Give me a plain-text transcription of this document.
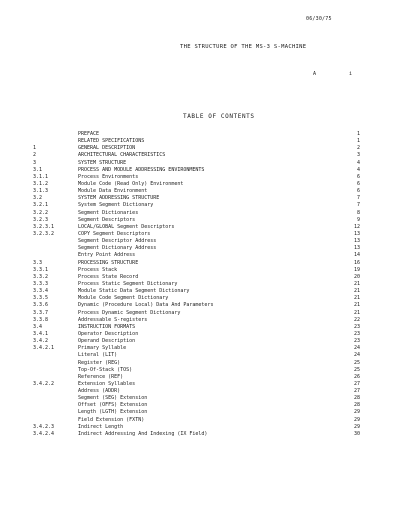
06/30/75
THE STRUCTURE OF THE MS-3 S-MACHINE
A	i
TABLE OF CONTENTS
PREFACE	1
RELATED SPECIFICATIONS	1
1	GENERAL DESCRIPTION	2
2	ARCHITECTURAL CHARACTERISTICS	3
3	SYSTEM STRUCTURE	4
3.1	PROCESS AND MODULE ADDRESSING ENVIRONMENTS	4
3.1.1	Process Environments	6
3.1.2	Module Code (Read Only) Environment	6
3.1.3	Module Data Environment	6
3.2	SYSTEM ADDRESSING STRUCTURE	7
3.2.1	System Segment Dictionary	7
3.2.2	Segment Dictionaries	8
3.2.3	Segment Descriptors	9
3.2.3.1	LOCAL/GLOBAL Segment Descriptors	12
3.2.3.2	COPY Segment Descriptors	13
Segment Descriptor Address	13
Segment Dictionary Address	13
Entry Point Address	14
3.3	PROCESSING STRUCTURE	16
3.3.1	Process Stack	19
3.3.2	Process State Record	20
3.3.3	Process Static Segment Dictionary	21
3.3.4	Module Static Data Segment Dictionary	21
3.3.5	Module Code Segment Dictionary	21
3.3.6	Dynamic (Procedure Local) Data And Parameters	21
3.3.7	Process Dynamic Segment Dictionary	21
3.3.8	Addressable S-registers	22
3.4	INSTRUCTION FORMATS	23
3.4.1	Operator Description	23
3.4.2	Operand Description	23
3.4.2.1	Primary Syllable	24
Literal (LIT)	24
Register (REG)	25
Top-Of-Stack (TOS)	25
Reference (REF)	26
3.4.2.2	Extension Syllables	27
Address (ADDR)	27
Segment (SEG) Extension	28
Offset (OFFS) Extension	28
Length (LGTH) Extension	29
Field Extension (FXTN)	29
3.4.2.3	Indirect Length	29
3.4.2.4	Indirect Addressing And Indexing (IX Field)	30
